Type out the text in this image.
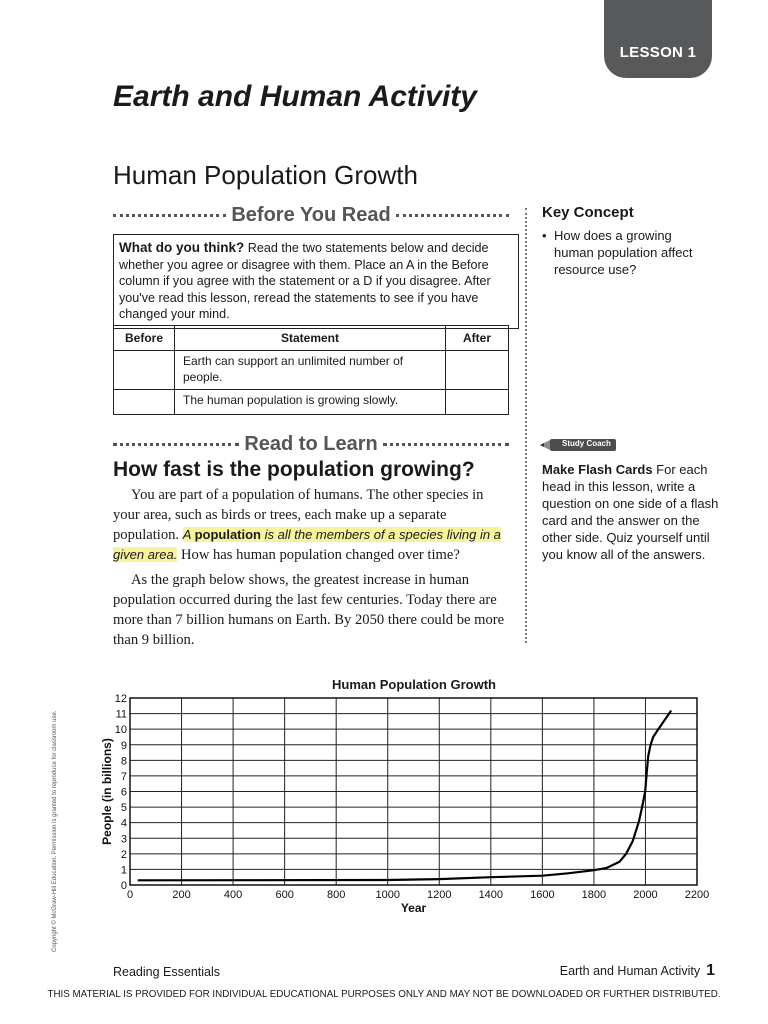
LESSON 1
Earth and Human Activity
Human Population Growth
Before You Read
What do you think? Read the two statements below and decide whether you agree or disagree with them. Place an A in the Before column if you agree with the statement or a D if you disagree. After you've read this lesson, reread the statements to see if you have changed your mind.
Before	Statement	After
	Earth can support an unlimited number of people.	
	The human population is growing slowly.	
Key Concept
• How does a growing human population affect resource use?
Read to Learn	Study Coach
Make Flash Cards For each head in this lesson, write a question on one side of a flash card and the answer on the other side. Quiz yourself until you know all of the answers.
How fast is the population growing?

You are part of a population of humans. The other species in your area, such as birds or trees, each make up a separate population. A population is all the members of a species living in a given area. How has human population changed over time?

As the graph below shows, the greatest increase in human population occurred during the last few centuries. Today there are more than 7 billion humans on Earth. By 2050 there could be more than 9 billion.

Copyright © McGraw-Hill Education. Permission is granted to reproduce for classroom use.
Human Population Growth
0	200	400	600	800	1000 1200 1400 1600 1800 2000 2200
0
1
2
3
4
5
6
7
8
9
10
11
12
Year
People (in billions)
Reading Essentials	Earth and Human Activity 1
THIS MATERIAL IS PROVIDED FOR INDIVIDUAL EDUCATIONAL PURPOSES ONLY AND MAY NOT BE DOWNLOADED OR FURTHER DISTRIBUTED.
